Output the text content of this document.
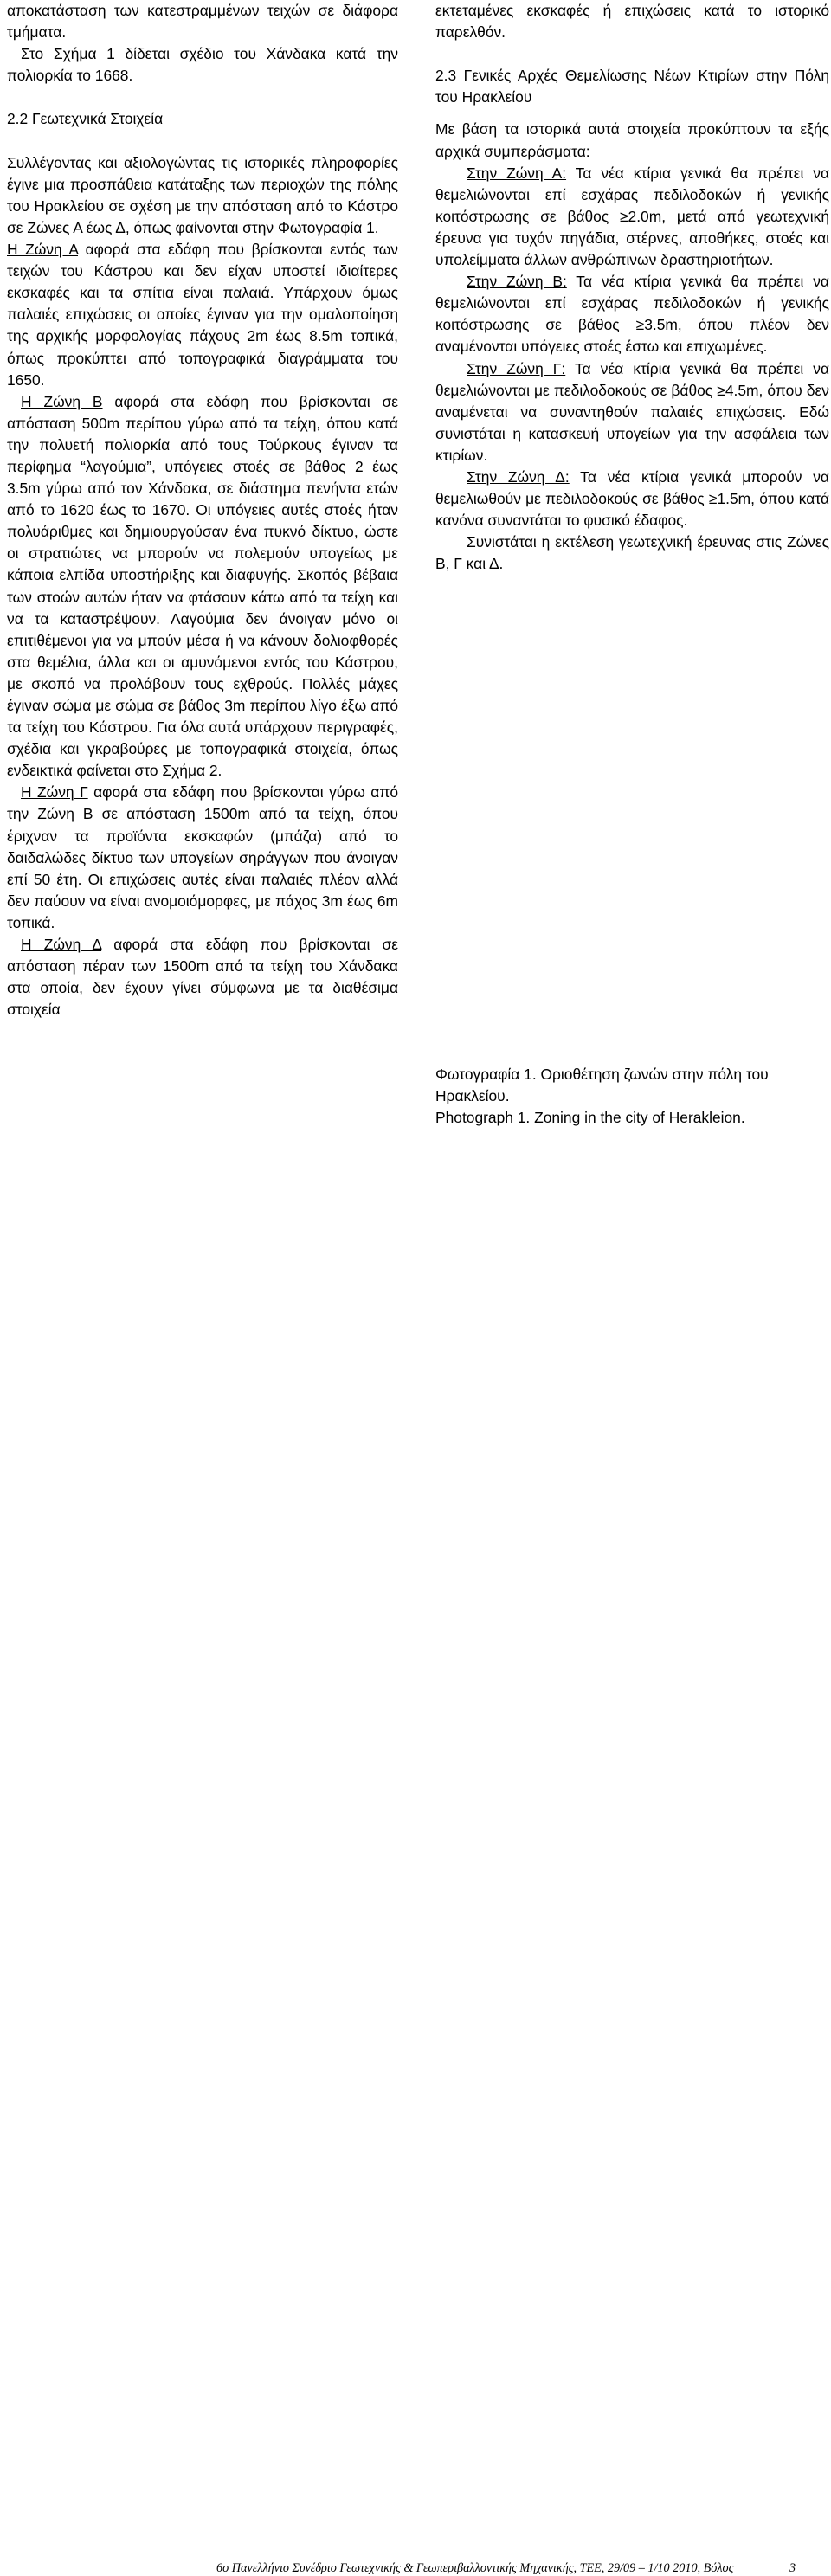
αποκατάσταση των κατεστραμμένων τειχών σε διάφορα τμήματα.

Στο Σχήμα 1 δίδεται σχέδιο του Χάνδακα κατά την πολιορκία το 1668.

2.2 Γεωτεχνικά Στοιχεία

Συλλέγοντας και αξιολογώντας τις ιστορικές πληροφορίες έγινε μια προσπάθεια κατάταξης των περιοχών της πόλης του Ηρακλείου σε σχέση με την απόσταση από το Κάστρο σε Ζώνες Α έως Δ, όπως φαίνονται στην Φωτογραφία 1.

Η Ζώνη Α αφορά στα εδάφη που βρίσκονται εντός των τειχών του Κάστρου και δεν είχαν υποστεί ιδιαίτερες εκσκαφές και τα σπίτια είναι παλαιά. Υπάρχουν όμως παλαιές επιχώσεις οι οποίες έγιναν για την ομαλοποίηση της αρχικής μορφολογίας πάχους 2m έως 8.5m τοπικά, όπως προκύπτει από τοπογραφικά διαγράμματα του 1650.

Η Ζώνη Β αφορά στα εδάφη που βρίσκονται σε απόσταση 500m περίπου γύρω από τα τείχη, όπου κατά την πολυετή πολιορκία από τους Τούρκους έγιναν τα περίφημα “λαγούμια”, υπόγειες στοές σε βάθος 2 έως 3.5m γύρω από τον Χάνδακα, σε διάστημα πενήντα ετών από το 1620 έως το 1670. Οι υπόγειες αυτές στοές ήταν πολυάριθμες και δημιουργούσαν ένα πυκνό δίκτυο, ώστε οι στρατιώτες να μπορούν να πολεμούν υπογείως με κάποια ελπίδα υποστήριξης και διαφυγής. Σκοπός βέβαια των στοών αυτών ήταν να φτάσουν κάτω από τα τείχη και να τα καταστρέψουν. Λαγούμια δεν άνοιγαν μόνο οι επιτιθέμενοι για να μπούν μέσα ή να κάνουν δολιοφθορές στα θεμέλια, άλλα και οι αμυνόμενοι εντός του Κάστρου, με σκοπό να προλάβουν τους εχθρούς. Πολλές μάχες έγιναν σώμα με σώμα σε βάθος 3m περίπου λίγο έξω από τα τείχη του Κάστρου. Για όλα αυτά υπάρχουν περιγραφές, σχέδια και γκραβούρες με τοπογραφικά στοιχεία, όπως ενδεικτικά φαίνεται στο Σχήμα 2.

Η Ζώνη Γ αφορά στα εδάφη που βρίσκονται γύρω από την Ζώνη Β σε απόσταση 1500m από τα τείχη, όπου έριχναν τα προϊόντα εκσκαφών (μπάζα) από το δαιδαλώδες δίκτυο των υπογείων σηράγγων που άνοιγαν επί 50 έτη. Οι επιχώσεις αυτές είναι παλαιές πλέον αλλά δεν παύουν να είναι ανομοιόμορφες, με πάχος 3m έως 6m τοπικά.

Η Ζώνη Δ αφορά στα εδάφη που βρίσκονται σε απόσταση πέραν των 1500m από τα τείχη του Χάνδακα στα οποία, δεν έχουν γίνει σύμφωνα με τα διαθέσιμα στοιχεία

εκτεταμένες εκσκαφές ή επιχώσεις κατά το ιστορικό παρελθόν.

2.3 Γενικές Αρχές Θεμελίωσης Νέων Κτιρίων στην Πόλη του Ηρακλείου

Με βάση τα ιστορικά αυτά στοιχεία προκύπτουν τα εξής αρχικά συμπεράσματα:

Στην Ζώνη Α: Τα νέα κτίρια γενικά θα πρέπει να θεμελιώνονται επί εσχάρας πεδιλοδοκών ή γενικής κοιτόστρωσης σε βάθος ≥2.0m, μετά από γεωτεχνική έρευνα για τυχόν πηγάδια, στέρνες, αποθήκες, στοές και υπολείμματα άλλων ανθρώπινων δραστηριοτήτων.

Στην Ζώνη Β: Τα νέα κτίρια γενικά θα πρέπει να θεμελιώνονται επί εσχάρας πεδιλοδοκών ή γενικής κοιτόστρωσης σε βάθος ≥3.5m, όπου πλέον δεν αναμένονται υπόγειες στοές έστω και επιχωμένες.

Στην Ζώνη Γ: Τα νέα κτίρια γενικά θα πρέπει να θεμελιώνονται με πεδιλοδοκούς σε βάθος ≥4.5m, όπου δεν αναμένεται να συναντηθούν παλαιές επιχώσεις. Εδώ συνιστάται η κατασκευή υπογείων για την ασφάλεια των κτιρίων.

Στην Ζώνη Δ: Τα νέα κτίρια γενικά μπορούν να θεμελιωθούν με πεδιλοδοκούς σε βάθος ≥1.5m, όπου κατά κανόνα συναντάται το φυσικό έδαφος.

Συνιστάται η εκτέλεση γεωτεχνική έρευνας στις Ζώνες Β, Γ και Δ.

Φωτογραφία 1. Οριοθέτηση ζωνών στην πόλη του Ηρακλείου.

Photograph 1. Zoning in the city of Herakleion.

6ο Πανελλήνιο Συνέδριο Γεωτεχνικής & Γεωπεριβαλλοντικής Μηχανικής, ΤΕΕ, 29/09 – 1/10 2010, Βόλος	3
